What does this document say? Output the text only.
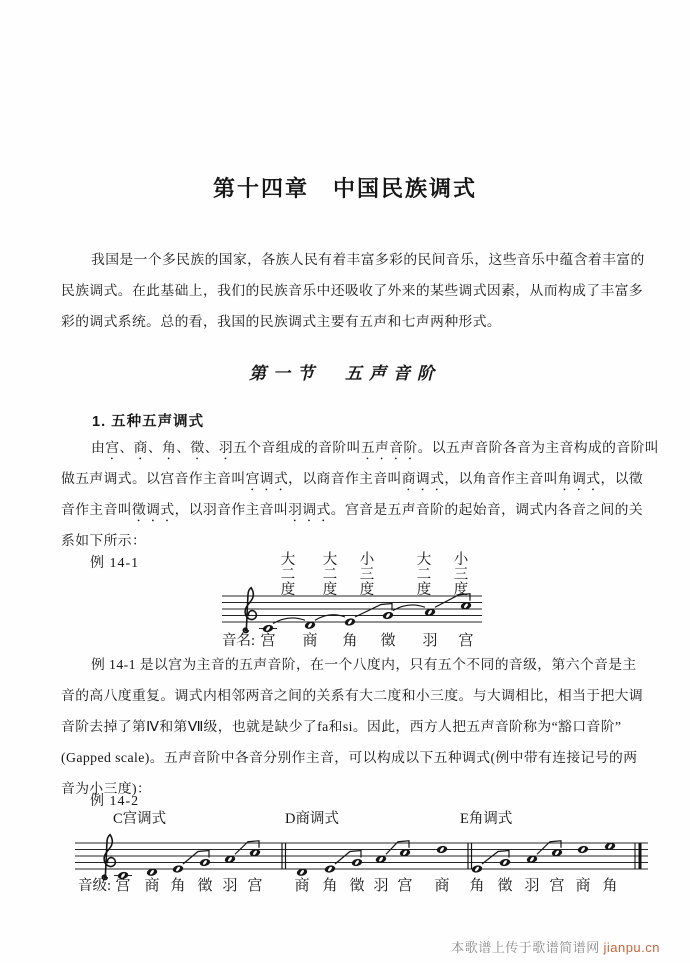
第十四章　中国民族调式
我国是一个多民族的国家，各族人民有着丰富多彩的民间音乐，这些音乐中蕴含着丰富的
民族调式。在此基础上，我们的民族音乐中还吸收了外来的某些调式因素，从而构成了丰富多
彩的调式系统。总的看，我国的民族调式主要有五声和七声两种形式。
第一节　五声音阶
1. 五种五声调式
由宫、商、角、徵、羽五个音组成的音阶叫五声音阶。以五声音阶各音为主音构成的音阶叫
做五声调式。以宫音作主音叫宫调式，以商音作主音叫商调式，以角音作主音叫角调式，以徵
音作主音叫徵调式，以羽音作主音叫羽调式。宫音是五声音阶的起始音，调式内各音之间的关
系如下所示：
例 14-1	大
二
度
大
二
度
小
三
度
大
二
度
小
三
度
音名: 宫 商 角 徵 羽 宫
例 14-1 是以宫为主音的五声音阶，在一个八度内，只有五个不同的音级，第六个音是主
音的高八度重复。调式内相邻两音之间的关系有大二度和小三度。与大调相比，相当于把大调
音阶去掉了第Ⅳ和第Ⅶ级，也就是缺少了fa和si。因此，西方人把五声音阶称为“豁口音阶”
(Gapped scale)。五声音阶中各音分别作主音，可以构成以下五种调式(例中带有连接记号的两
音为小三度)：
例 14-2
音级: 宫 商 角 徵 羽 宫 商 角 徵 羽 宫 商 角 徵 羽 宫 商 角
C宫调式	D商调式	E角调式
本歌谱上传于歌谱简谱网 jianpu.cn
